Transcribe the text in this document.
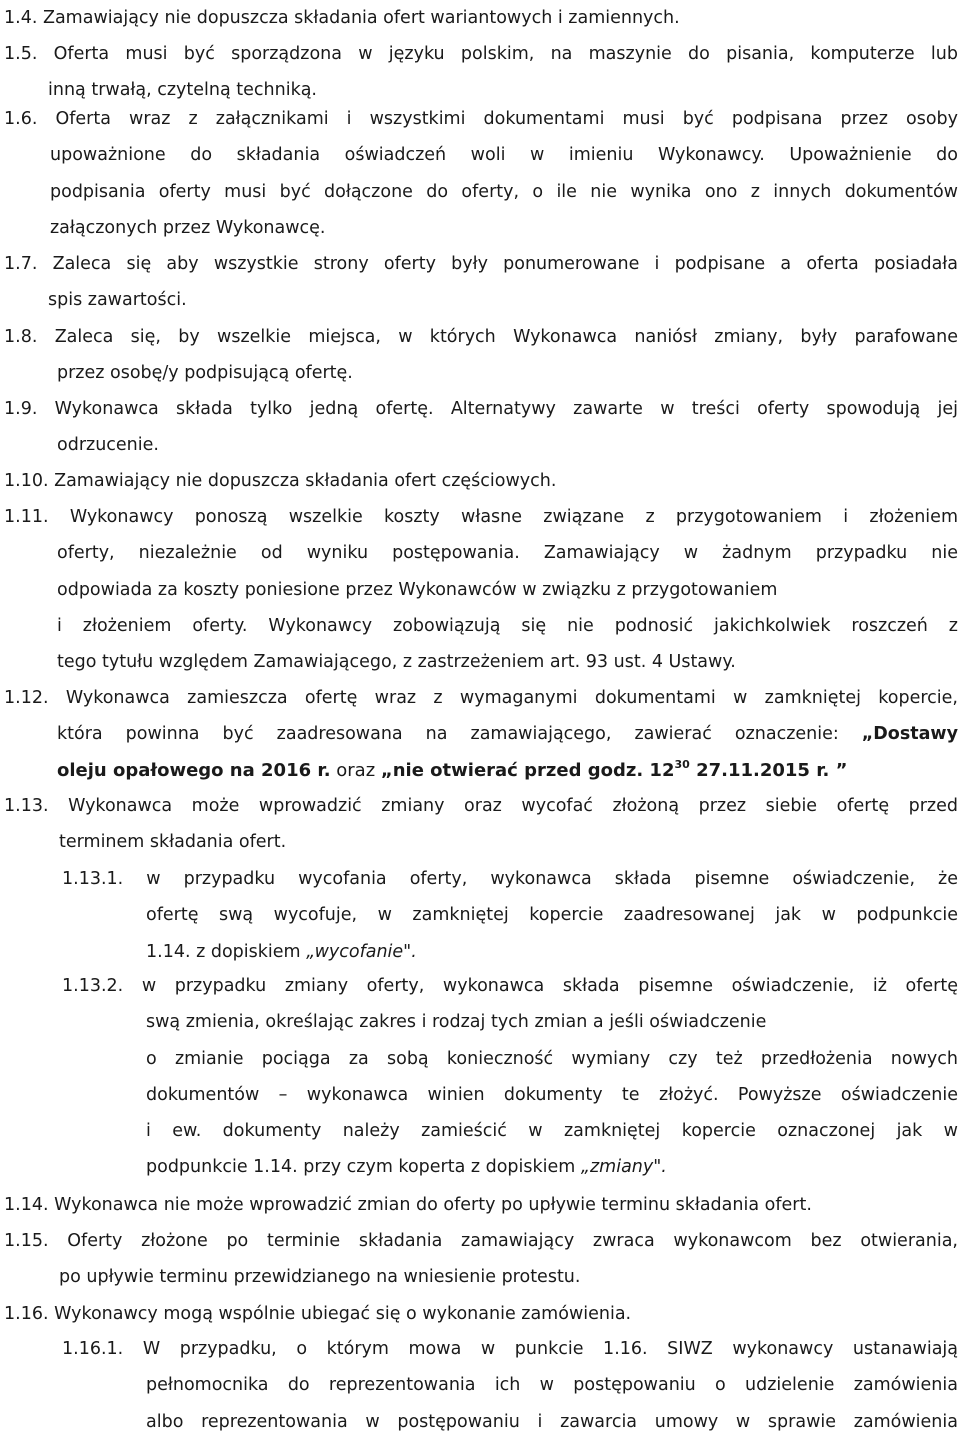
1.4. Zamawiający nie dopuszcza składania ofert wariantowych i zamiennych.
1.5. Oferta musi być sporządzona w języku polskim, na maszynie do pisania, komputerze lub
inną trwałą, czytelną techniką.
1.6. Oferta wraz z załącznikami i wszystkimi dokumentami musi być podpisana przez osoby
upoważnione do składania oświadczeń woli w imieniu Wykonawcy. Upoważnienie do
podpisania oferty musi być dołączone do oferty, o ile nie wynika ono z innych dokumentów
załączonych przez Wykonawcę.
1.7. Zaleca się aby wszystkie strony oferty były ponumerowane i podpisane a oferta posiadała
spis zawartości.
1.8. Zaleca się, by wszelkie miejsca, w których Wykonawca naniósł zmiany, były parafowane
przez osobę/y podpisującą ofertę.
1.9. Wykonawca składa tylko jedną ofertę. Alternatywy zawarte w treści oferty spowodują jej
odrzucenie.
1.10. Zamawiający nie dopuszcza składania ofert częściowych.
1.11. Wykonawcy ponoszą wszelkie koszty własne związane z przygotowaniem i złożeniem
oferty, niezależnie od wyniku postępowania. Zamawiający w żadnym przypadku nie
odpowiada za koszty poniesione przez Wykonawców w związku z przygotowaniem
i złożeniem oferty. Wykonawcy zobowiązują się nie podnosić jakichkolwiek roszczeń z
tego tytułu względem Zamawiającego, z zastrzeżeniem art. 93 ust. 4 Ustawy.
1.12. Wykonawca zamieszcza ofertę wraz z wymaganymi dokumentami w zamkniętej kopercie,
która powinna być zaadresowana na zamawiającego, zawierać oznaczenie: „Dostawy
oleju opałowego na 2016 r. oraz „nie otwierać przed godz. $12^{30}$ 27.11.2015 r. ”
1.13. Wykonawca może wprowadzić zmiany oraz wycofać złożoną przez siebie ofertę przed
terminem składania ofert.
1.13.1. w przypadku wycofania oferty, wykonawca składa pisemne oświadczenie, że
ofertę swą wycofuje, w zamkniętej kopercie zaadresowanej jak w podpunkcie
1.14. z dopiskiem „wycofanie".
1.13.2. w przypadku zmiany oferty, wykonawca składa pisemne oświadczenie, iż ofertę
swą zmienia, określając zakres i rodzaj tych zmian a jeśli oświadczenie
o zmianie pociąga za sobą konieczność wymiany czy też przedłożenia nowych
dokumentów – wykonawca winien dokumenty te złożyć. Powyższe oświadczenie
i ew. dokumenty należy zamieścić w zamkniętej kopercie oznaczonej jak w
podpunkcie 1.14. przy czym koperta z dopiskiem „zmiany".
1.14. Wykonawca nie może wprowadzić zmian do oferty po upływie terminu składania ofert.
1.15. Oferty złożone po terminie składania zamawiający zwraca wykonawcom bez otwierania,
po upływie terminu przewidzianego na wniesienie protestu.
1.16. Wykonawcy mogą wspólnie ubiegać się o wykonanie zamówienia.
1.16.1. W przypadku, o którym mowa w punkcie 1.16. SIWZ wykonawcy ustanawiają
pełnomocnika do reprezentowania ich w postępowaniu o udzielenie zamówienia
albo reprezentowania w postępowaniu i zawarcia umowy w sprawie zamówienia
